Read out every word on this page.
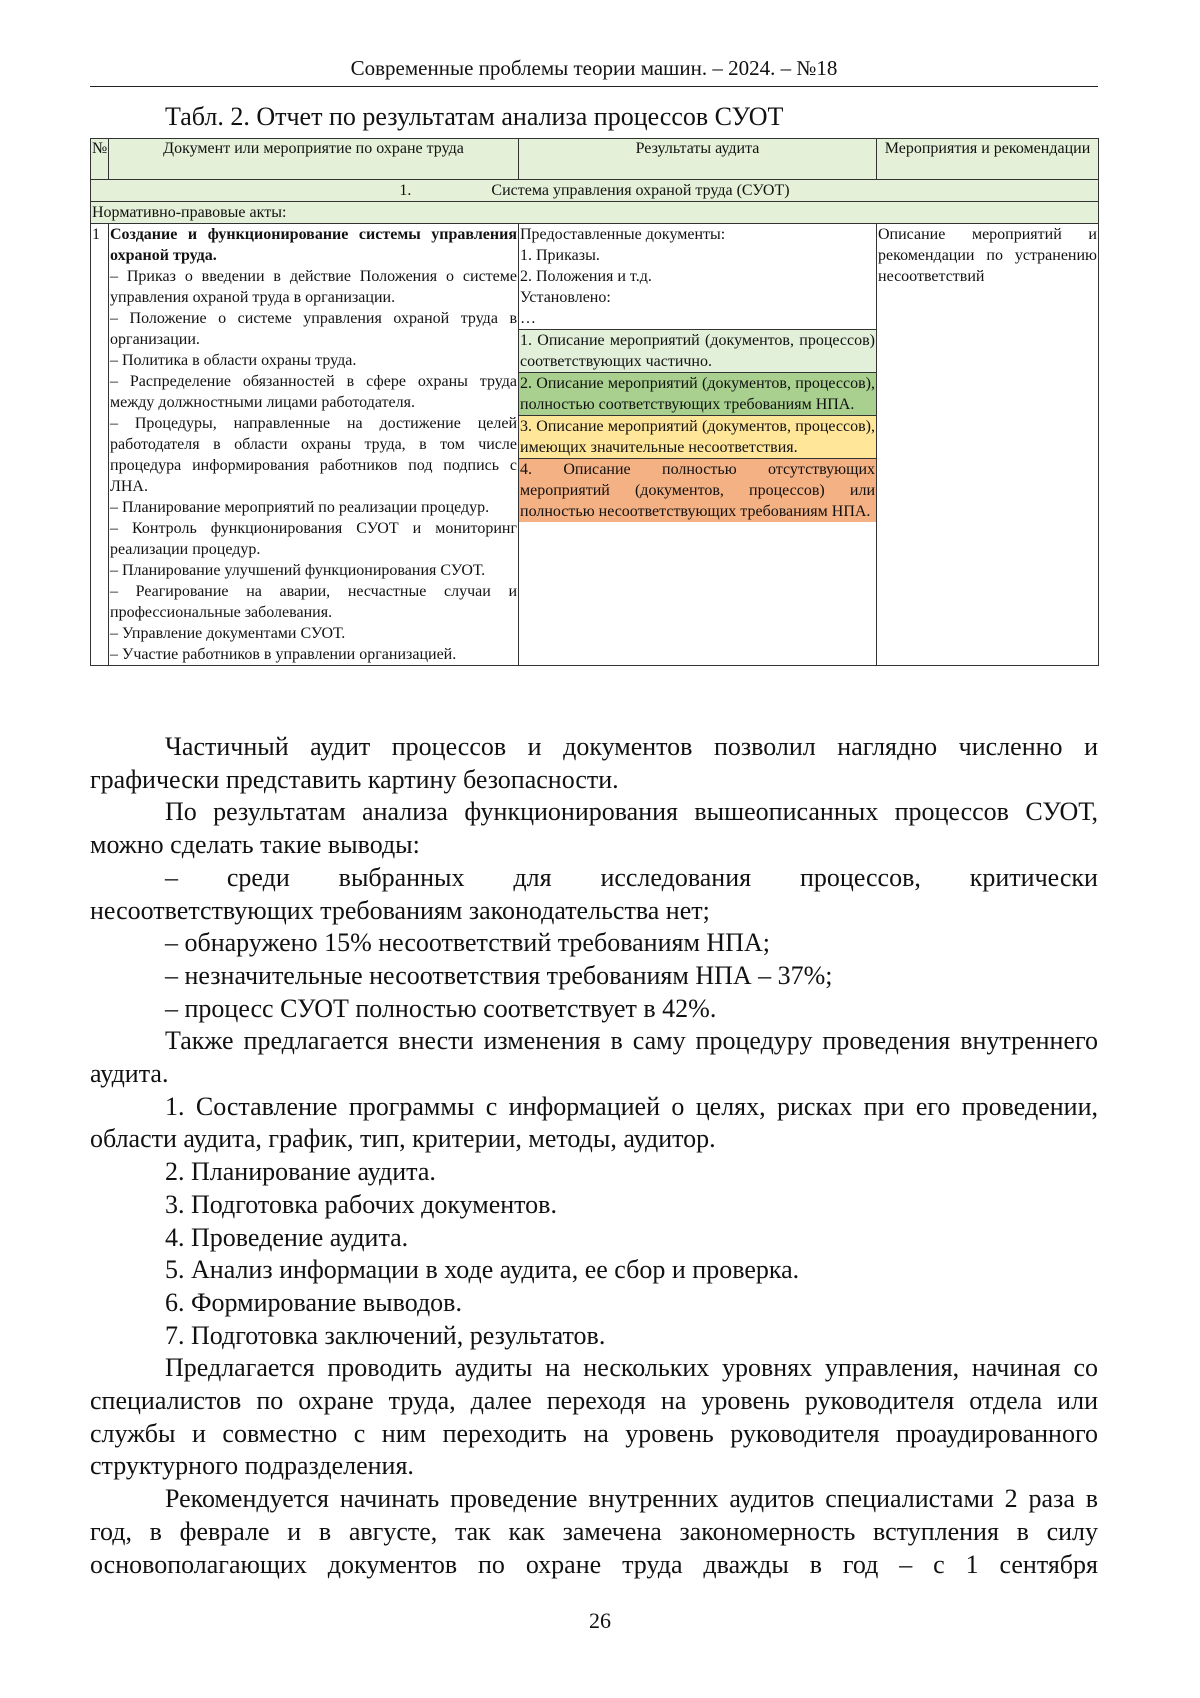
Современные проблемы теории машин. – 2024. – №18
Табл. 2. Отчет по результатам анализа процессов СУОТ
№	Документ или мероприятие по охране труда	Результаты аудита	Мероприятия и рекомендации
1.	Система управления охраной труда (СУОТ)
Нормативно-правовые акты:
1	Создание и функционирование системы управления охраной труда.
– Приказ о введении в действие Положения о системе управления охраной труда в организации.
– Положение о системе управления охраной труда в организации.
– Политика в области охраны труда.
– Распределение обязанностей в сфере охраны труда между должностными лицами работодателя.
– Процедуры, направленные на достижение целей работодателя в области охраны труда, в том числе процедура информирования работников под подпись с ЛНА.
– Планирование мероприятий по реализации процедур.
– Контроль функционирования СУОТ и мониторинг реализации процедур.
– Планирование улучшений функционирования СУОТ.
– Реагирование на аварии, несчастные случаи и профессиональные заболевания.
– Управление документами СУОТ.
– Участие работников в управлении организацией.

Предоставленные документы:
1. Приказы.
2. Положения и т.д.
Установлено:
…
1. Описание мероприятий (документов, процессов) соответствующих частично.
2. Описание мероприятий (документов, процессов), полностью соответствующих требованиям НПА.
3. Описание мероприятий (документов, процессов), имеющих значительные несоответствия.
4. Описание полностью отсутствующих мероприятий (документов, процессов) или полностью несоответствующих требованиям НПА.
	Описание мероприятий и рекомендации по устранению несоответствий

Частичный аудит процессов и документов позволил наглядно численно и графически представить картину безопасности.

По результатам анализа функционирования вышеописанных процессов СУОТ, можно сделать такие выводы:

– среди выбранных для исследования процессов, критически

несоответствующих требованиям законодательства нет;

– обнаружено 15% несоответствий требованиям НПА;

– незначительные несоответствия требованиям НПА – 37%;

– процесс СУОТ полностью соответствует в 42%.

Также предлагается внести изменения в саму процедуру проведения внутреннего аудита.

1. Составление программы с информацией о целях, рисках при его проведении, области аудита, график, тип, критерии, методы, аудитор.

2. Планирование аудита.

3. Подготовка рабочих документов.

4. Проведение аудита.

5. Анализ информации в ходе аудита, ее сбор и проверка.

6. Формирование выводов.

7. Подготовка заключений, результатов.

Предлагается проводить аудиты на нескольких уровнях управления, начиная со специалистов по охране труда, далее переходя на уровень руководителя отдела или службы и совместно с ним переходить на уровень руководителя проаудированного структурного подразделения.

Рекомендуется начинать проведение внутренних аудитов специалистами 2 раза в год, в феврале и в августе, так как замечена закономерность вступления в силу основополагающих документов по охране труда дважды в год – с 1 сентября

26
